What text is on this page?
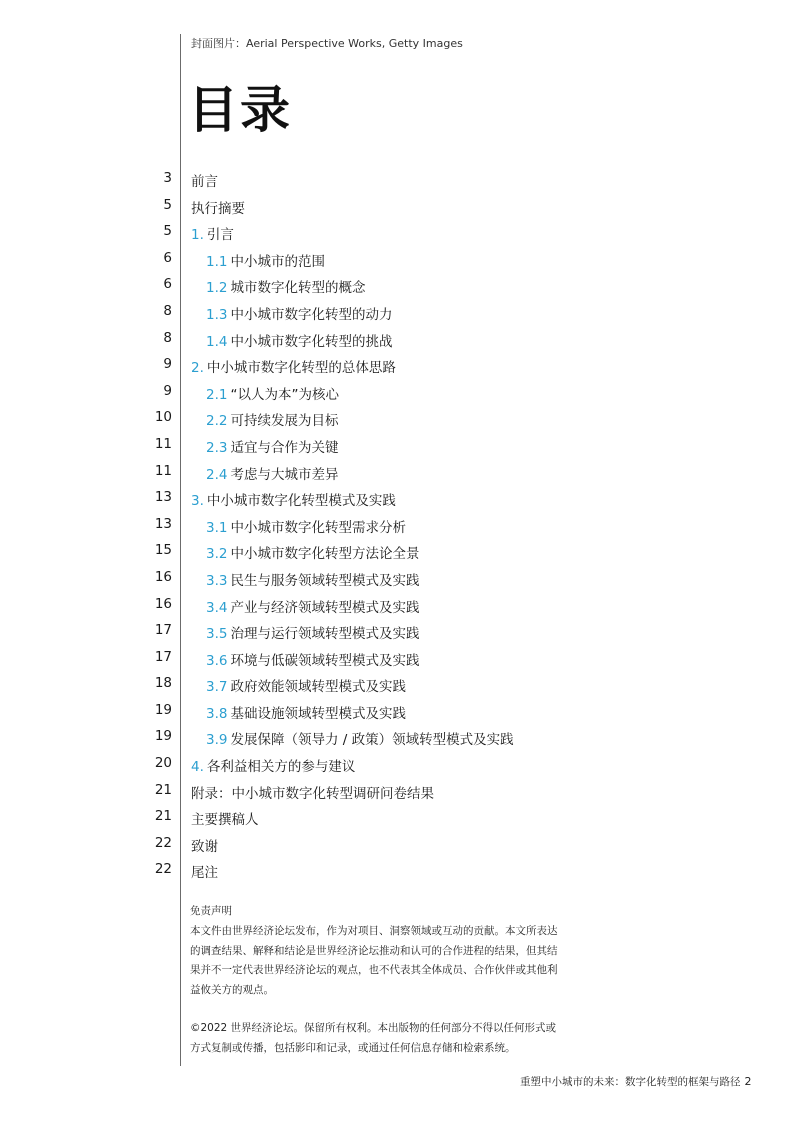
封面图片：Aerial Perspective Works, Getty Images
目录
3 前言
5 执行摘要
5 1. 引言
6	1.1 中小城市的范围
6	1.2 城市数字化转型的概念
8	1.3 中小城市数字化转型的动力
8	1.4 中小城市数字化转型的挑战
9 2. 中小城市数字化转型的总体思路
9	2.1 “以人为本”为核心
10	2.2 可持续发展为目标
11	2.3 适宜与合作为关键
11	2.4 考虑与大城市差异
13 3. 中小城市数字化转型模式及实践
13	3.1 中小城市数字化转型需求分析
15	3.2 中小城市数字化转型方法论全景
16	3.3 民生与服务领域转型模式及实践
16	3.4 产业与经济领域转型模式及实践
17	3.5 治理与运行领域转型模式及实践
17	3.6 环境与低碳领域转型模式及实践
18	3.7 政府效能领域转型模式及实践
19	3.8 基础设施领域转型模式及实践
19	3.9 发展保障（领导力 / 政策）领域转型模式及实践
20 4. 各利益相关方的参与建议
21 附录：中小城市数字化转型调研问卷结果
21 主要撰稿人
22 致谢
22 尾注
免责声明
本文件由世界经济论坛发布，作为对项目、洞察领域或互动的贡献。本文所表达的调查结果、解释和结论是世界经济论坛推动和认可的合作进程的结果，但其结果并不一定代表世界经济论坛的观点，也不代表其全体成员、合作伙伴或其他利益攸关方的观点。
©2022 世界经济论坛。保留所有权利。本出版物的任何部分不得以任何形式或方式复制或传播，包括影印和记录，或通过任何信息存储和检索系统。
重塑中小城市的未来：数字化转型的框架与路径 2
